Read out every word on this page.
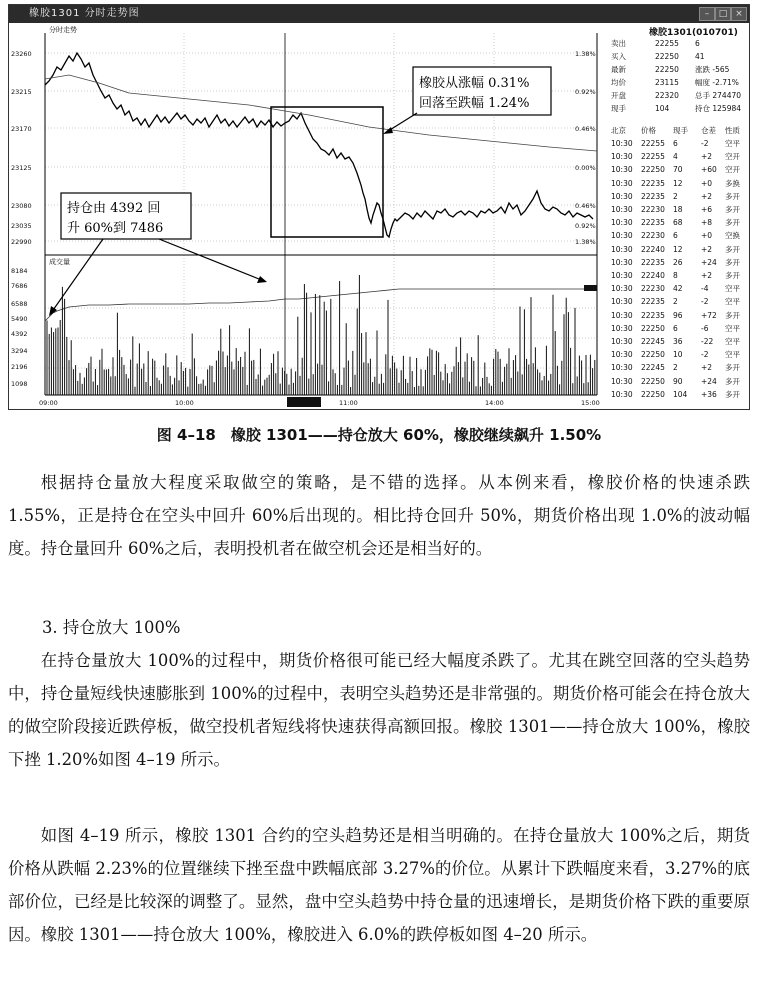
橡胶1301 分时走势图	–	□ ×
分时走势
成交量
23260
23215
23170
23125
23080
23035
22990
1.38%
0.92%
0.46%
0.00%
0.46%
0.92%
1.38%
8184
7686
6588
5490
4392
3294
2196
1098
09:00	10:00	11:00	14:00	15:00
橡胶从涨幅 0.31%
回落至跌幅 1.24%
持仓由 4392 回
升 60%到 7486
橡胶1301(010701)
卖出	22255 6
买入	22250 41
最新	22250 涨跌 -565
均价	23115 幅度 -2.71%
开盘	22320 总手 274470
现手	104	持仓 125984
北京 价格 现手 仓差 性质
10:30 22255 6	-2 空平
10:30 22255 4	+2 空开
10:30 22250 70 +60 空开
10:30 22235 12 +0 多换
10:30 22235 2	+2 多开
10:30 22230 18 +6 多开
10:30 22235 68 +8 多开
10:30 22230 6	+0 空换
10:30 22240 12 +2 多开
10:30 22235 26 +24 多开
10:30 22240 8	+2 多开
10:30 22230 42 -4 空平
10:30 22235 2	-2 空平
10:30 22235 96 +72 多开
10:30 22250 6	-6 空平
10:30 22245 36 -22 空平
10:30 22250 10 -2 空平
10:30 22245 2	+2 多开
10:30 22250 90 +24 多开
10:30 22250 104 +36 多开
图 4–18　橡胶 1301——持仓放大 60%，橡胶继续飙升 1.50%

根据持仓量放大程度采取做空的策略，是不错的选择。从本例来看，橡胶价格的快速杀跌 1.55%，正是持仓在空头中回升 60%后出现的。相比持仓回升 50%，期货价格出现 1.0%的波动幅度。持仓量回升 60%之后，表明投机者在做空机会还是相当好的。

3. 持仓放大 100%

在持仓量放大 100%的过程中，期货价格很可能已经大幅度杀跌了。尤其在跳空回落的空头趋势中，持仓量短线快速膨胀到 100%的过程中，表明空头趋势还是非常强的。期货价格可能会在持仓放大的做空阶段接近跌停板，做空投机者短线将快速获得高额回报。橡胶 1301——持仓放大 100%，橡胶下挫 1.20%如图 4–19 所示。

如图 4–19 所示，橡胶 1301 合约的空头趋势还是相当明确的。在持仓量放大 100%之后，期货价格从跌幅 2.23%的位置继续下挫至盘中跌幅底部 3.27%的价位。从累计下跌幅度来看，3.27%的底部价位，已经是比较深的调整了。显然，盘中空头趋势中持仓量的迅速增长，是期货价格下跌的重要原因。橡胶 1301——持仓放大 100%，橡胶进入 6.0%的跌停板如图 4–20 所示。
